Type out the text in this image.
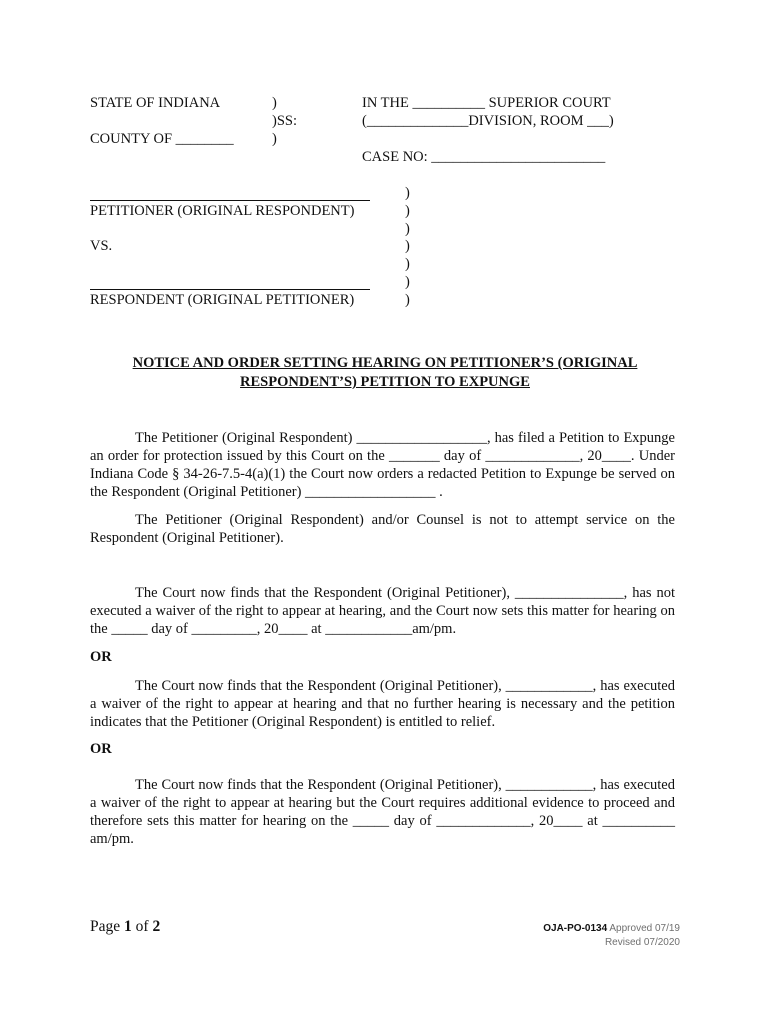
STATE OF INDIANA
COUNTY OF ________
)
)SS:
)
IN THE __________ SUPERIOR COURT
(______________DIVISION, ROOM ___)
CASE NO: ________________________
PETITIONER (ORIGINAL RESPONDENT)
VS.
RESPONDENT (ORIGINAL PETITIONER)
)
)
)
)
)
)
)
NOTICE AND ORDER SETTING HEARING ON PETITIONER’S (ORIGINAL
RESPONDENT’S) PETITION TO EXPUNGE

The Petitioner (Original Respondent) __________________, has filed a Petition to Expunge an order for protection issued by this Court on the _______ day of _____________, 20____. Under Indiana Code § 34-26-7.5-4(a)(1) the Court now orders a redacted Petition to Expunge be served on the Respondent (Original Petitioner) __________________ .

The Petitioner (Original Respondent) and/or Counsel is not to attempt service on the Respondent (Original Petitioner).

The Court now finds that the Respondent (Original Petitioner), _______________, has not executed a waiver of the right to appear at hearing, and the Court now sets this matter for hearing on the _____ day of _________, 20____ at ____________am/pm.

OR

The Court now finds that the Respondent (Original Petitioner), ____________, has executed a waiver of the right to appear at hearing and that no further hearing is necessary and the petition indicates that the Petitioner (Original Respondent) is entitled to relief.

OR

The Court now finds that the Respondent (Original Petitioner), ____________, has executed a waiver of the right to appear at hearing but the Court requires additional evidence to proceed and therefore sets this matter for hearing on the _____ day of _____________, 20____ at __________ am/pm.

Page 1 of 2	OJA-PO-0134 Approved 07/19
Revised 07/2020
